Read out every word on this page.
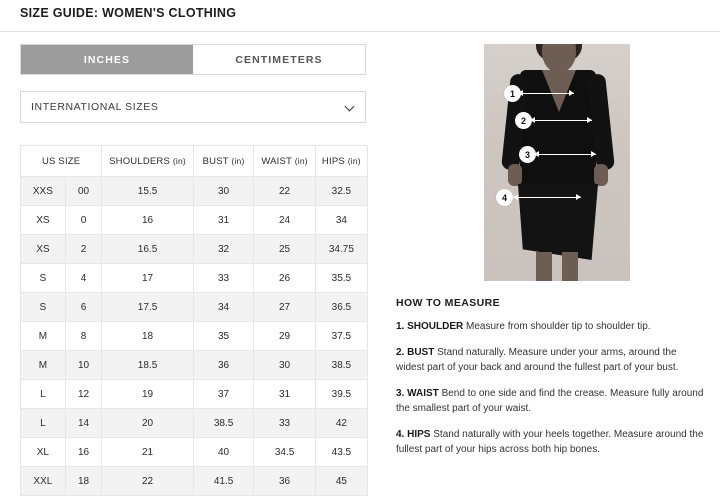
SIZE GUIDE: WOMEN'S CLOTHING
INCHES	CENTIMETERS
INTERNATIONAL SIZES
US SIZE		SHOULDERS (in)	BUST (in)	WAIST (in)	HIPS (in)
XXS	00	15.5	30	22	32.5
XS	0	16	31	24	34
XS	2	16.5	32	25	34.75
S	4	17	33	26	35.5
S	6	17.5	34	27	36.5
M	8	18	35	29	37.5
M	10	18.5	36	30	38.5
L	12	19	37	31	39.5
L	14	20	38.5	33	42
XL	16	21	40	34.5	43.5
XXL	18	22	41.5	36	45
1
2
3
4
HOW TO MEASURE
1. SHOULDER Measure from shoulder tip to shoulder tip.
2. BUST Stand naturally. Measure under your arms, around the widest part of your back and around the fullest part of your bust.
3. WAIST Bend to one side and find the crease. Measure fully around the smallest part of your waist.
4. HIPS Stand naturally with your heels together. Measure around the fullest part of your hips across both hip bones.
